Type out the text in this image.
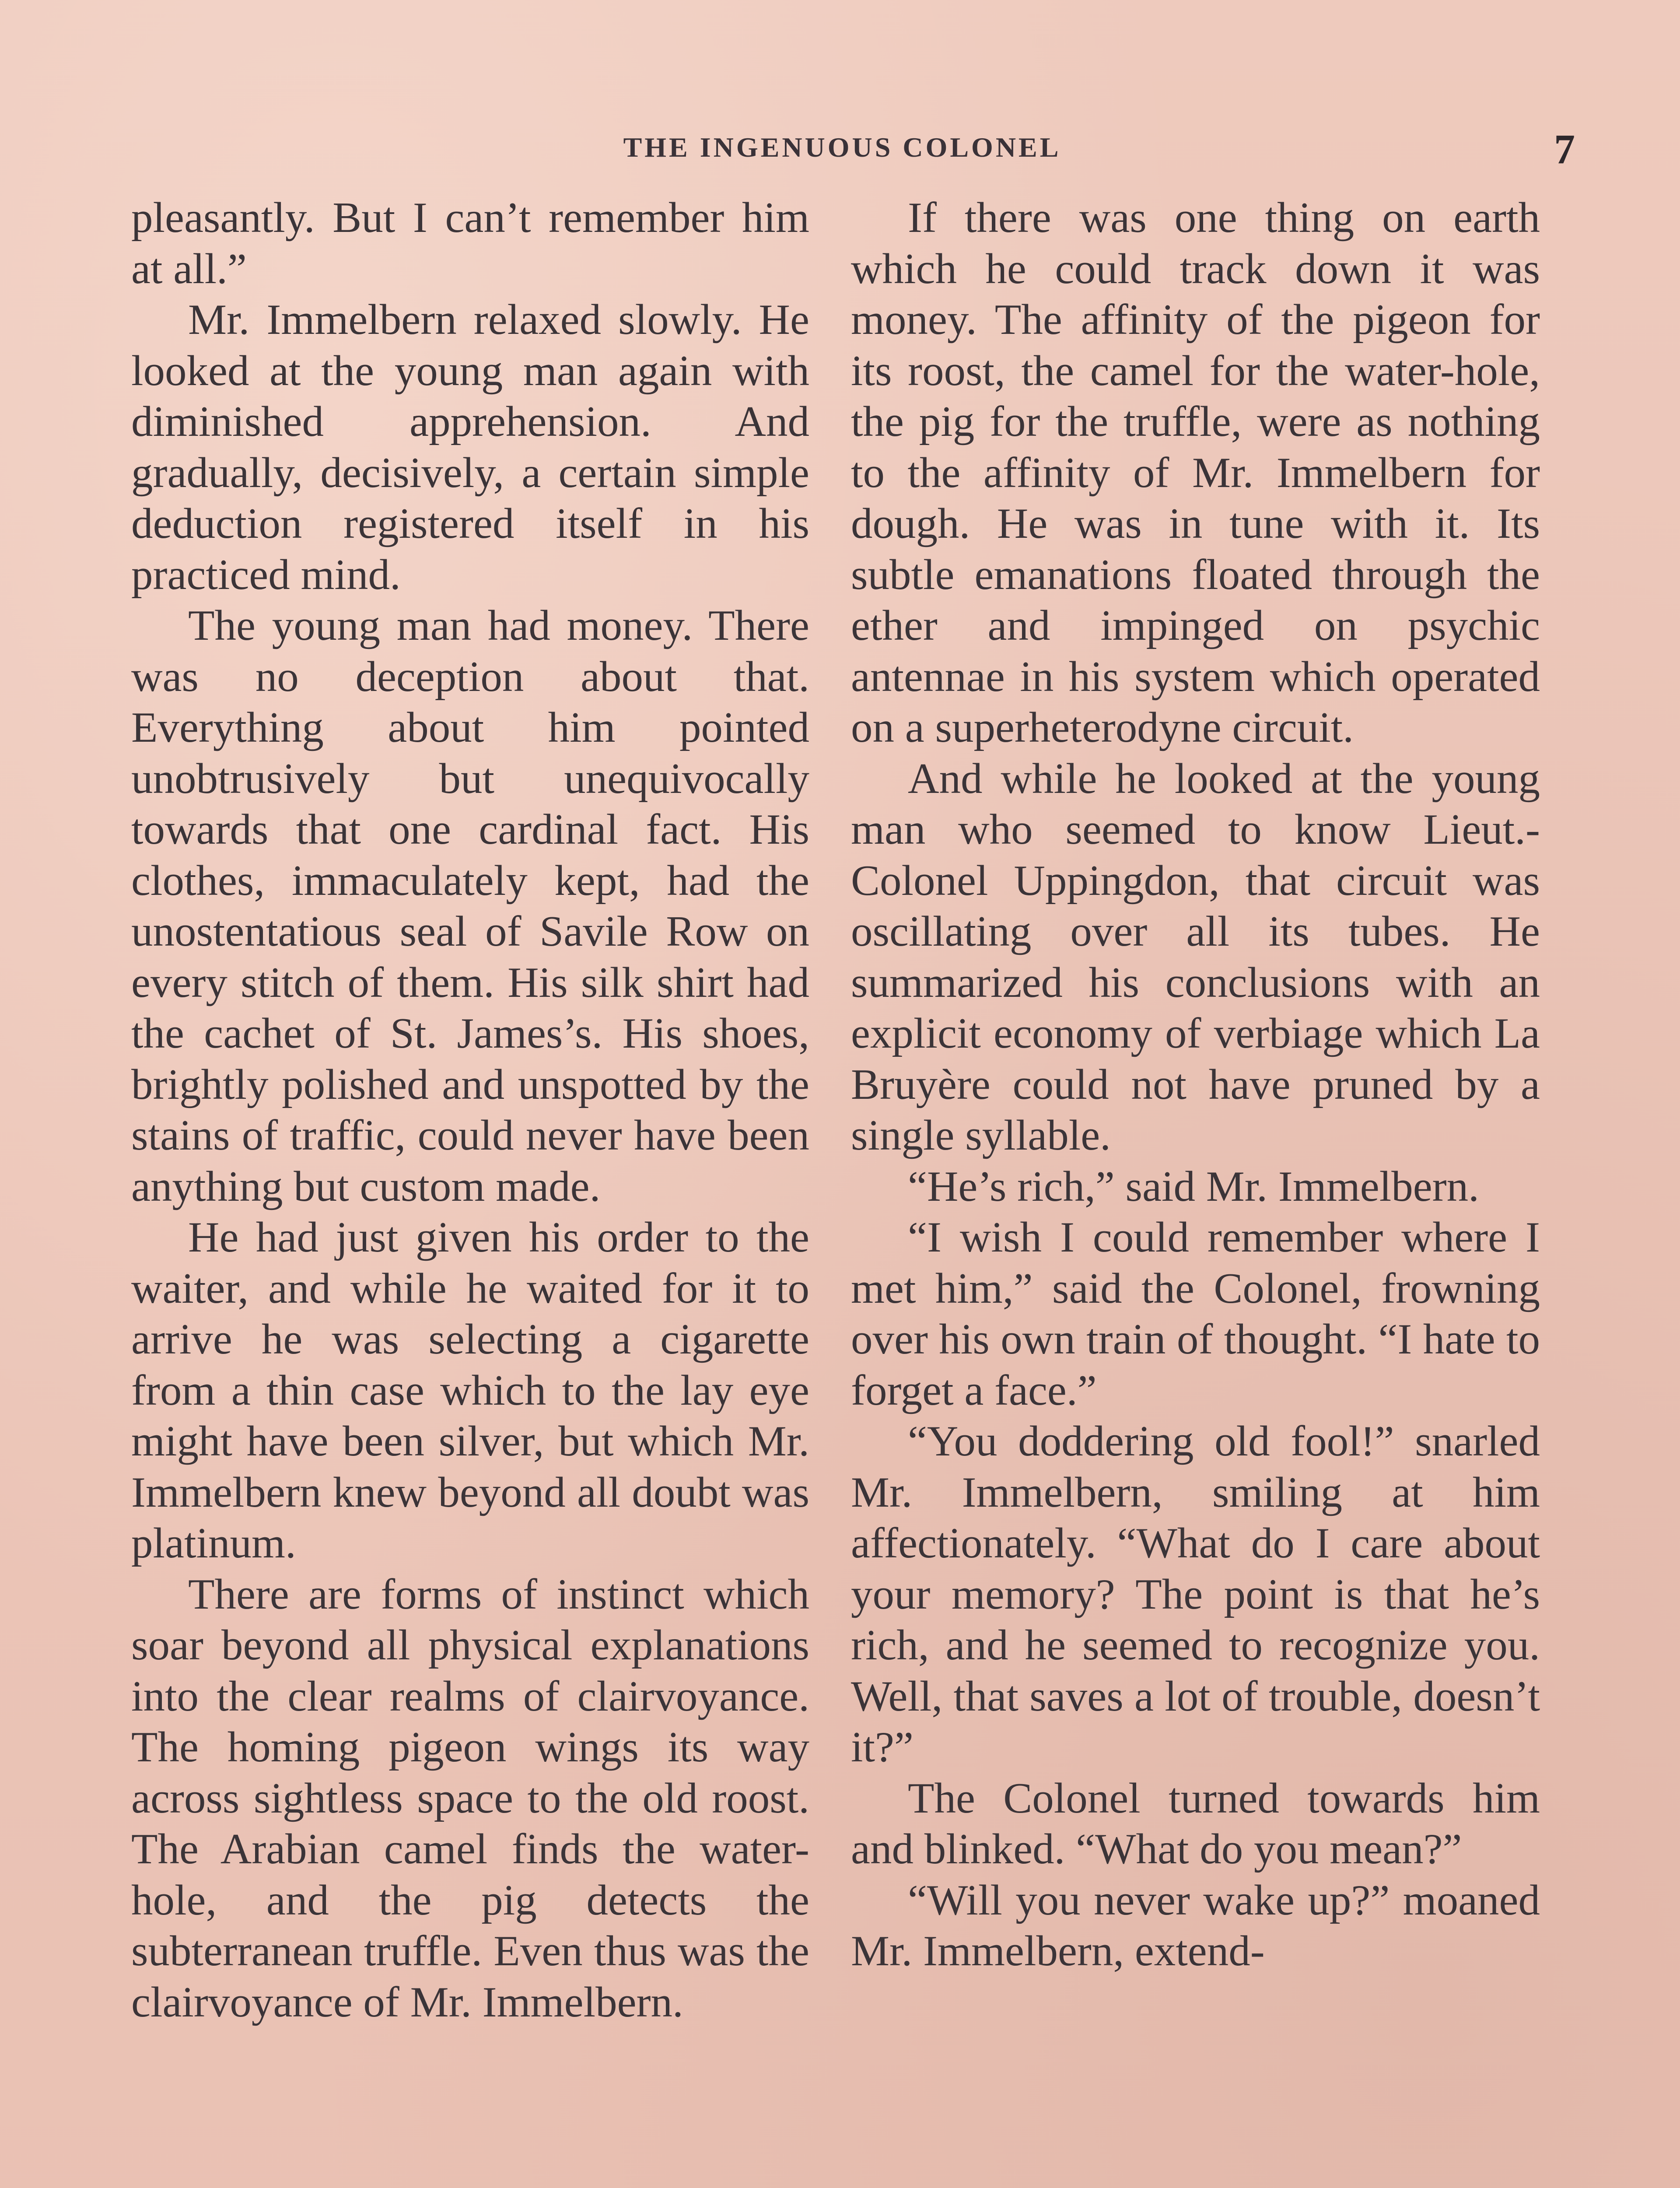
THE INGENUOUS COLONEL	7

pleasantly. But I can’t remember him at all.”

Mr. Immelbern relaxed slowly. He looked at the young man again with diminished apprehension. And gradually, decisively, a certain simple deduction registered itself in his practiced mind.

The young man had money. There was no deception about that. Everything about him pointed unobtrusively but unequivocally towards that one cardinal fact. His clothes, immaculately kept, had the unostentatious seal of Savile Row on every stitch of them. His silk shirt had the cachet of St. James’s. His shoes, brightly polished and unspotted by the stains of traffic, could never have been anything but custom made.

He had just given his order to the waiter, and while he waited for it to arrive he was selecting a cigarette from a thin case which to the lay eye might have been silver, but which Mr. Immelbern knew beyond all doubt was platinum.

There are forms of instinct which soar beyond all physical explanations into the clear realms of clairvoyance. The homing pigeon wings its way across sightless space to the old roost. The Arabian camel finds the water-hole, and the pig detects the subterranean truffle. Even thus was the clairvoyance of Mr. Immelbern.

If there was one thing on earth which he could track down it was money. The affinity of the pigeon for its roost, the camel for the water-hole, the pig for the truffle, were as nothing to the affinity of Mr. Immelbern for dough. He was in tune with it. Its subtle emanations floated through the ether and impinged on psychic antennae in his system which operated on a superheterodyne circuit.

And while he looked at the young man who seemed to know Lieut.-Colonel Uppingdon, that circuit was oscillating over all its tubes. He summarized his conclusions with an explicit economy of verbiage which La Bruyère could not have pruned by a single syllable.

“He’s rich,” said Mr. Immelbern.

“I wish I could remember where I met him,” said the Colonel, frowning over his own train of thought. “I hate to forget a face.”

“You doddering old fool!” snarled Mr. Immelbern, smiling at him affectionately. “What do I care about your memory? The point is that he’s rich, and he seemed to recognize you. Well, that saves a lot of trouble, doesn’t it?”

The Colonel turned towards him and blinked. “What do you mean?”

“Will you never wake up?” moaned Mr. Immelbern, extend-
